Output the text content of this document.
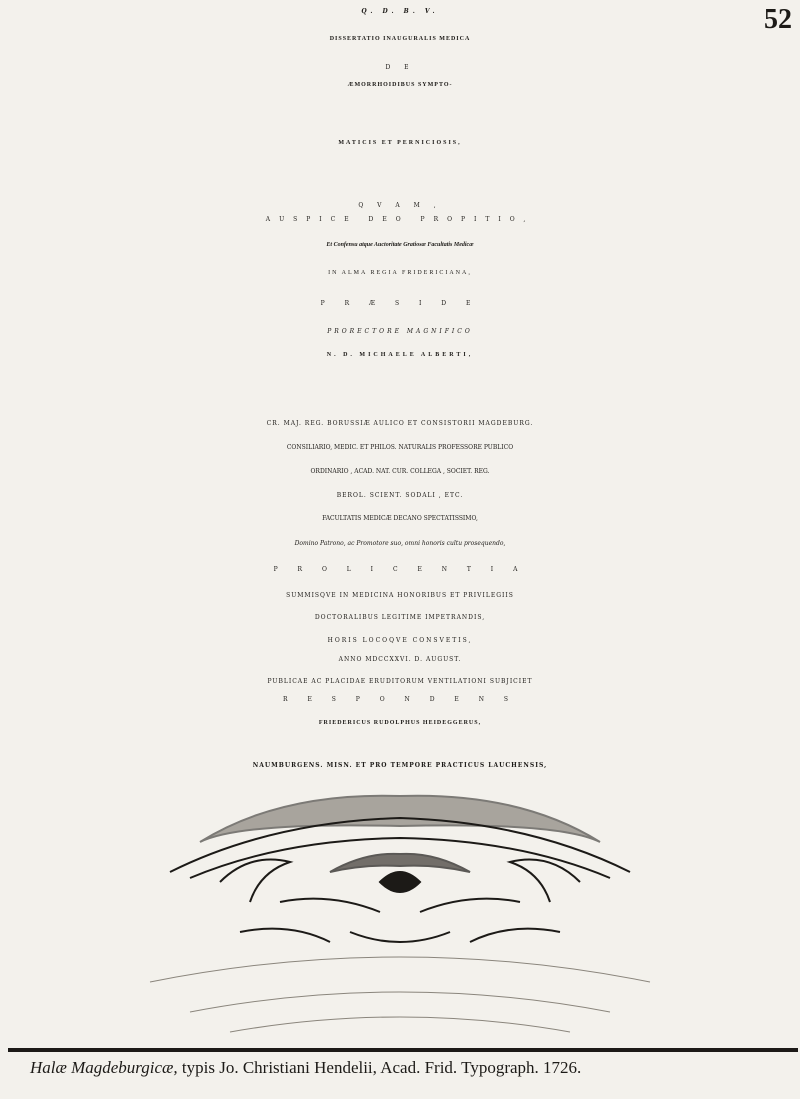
52
Q. D. B. V.
DISSERTATIO INAUGURALIS MEDICA
D E
ÆMORRHOIDIBUS SYMPTO-
MATICIS ET PERNICIOSIS,
Q V A M ,
AUSPICE DEO PROPITIO,
Et Confensu atque Auctoritate Gratiosæ Facultatis Medicæ
IN ALMA REGIA FRIDERICIANA,
P R Æ S I D E
PRORECTORE MAGNIFICO
N. D. MICHAELE ALBERTI,
CR. MAJ. REG. BORUSSIÆ AULICO ET CONSISTORII MAGDEBURG.
CONSILIARIO, MEDIC. ET PHILOS. NATURALIS PROFESSORE PUBLICO
ORDINARIO , ACAD. NAT. CUR. COLLEGA , SOCIET. REG.
BEROL. SCIENT. SODALI , ETC.
FACULTATIS MEDICÆ DECANO SPECTATISSIMO,
Domino Patrono, ac Promotore suo, omni honoris cultu prosequendo,
P R O L I C E N T I A
SUMMISQVE IN MEDICINA HONORIBUS ET PRIVILEGIIS
DOCTORALIBUS LEGITIME IMPETRANDIS,
HORIS LOCOQVE CONSVETIS,
ANNO MDCCXXVI. D. AUGUST.
PUBLICAE AC PLACIDAE ERUDITORUM VENTILATIONI SUBJICIET
R E S P O N D E N S
FRIEDERICUS RUDOLPHUS HEIDEGGERUS,
NAUMBURGENS. MISN. ET PRO TEMPORE PRACTICUS LAUCHENSIS,
Halæ Magdeburgicæ, typis Jo. Christiani Hendelii, Acad. Frid. Typograph. 1726.
